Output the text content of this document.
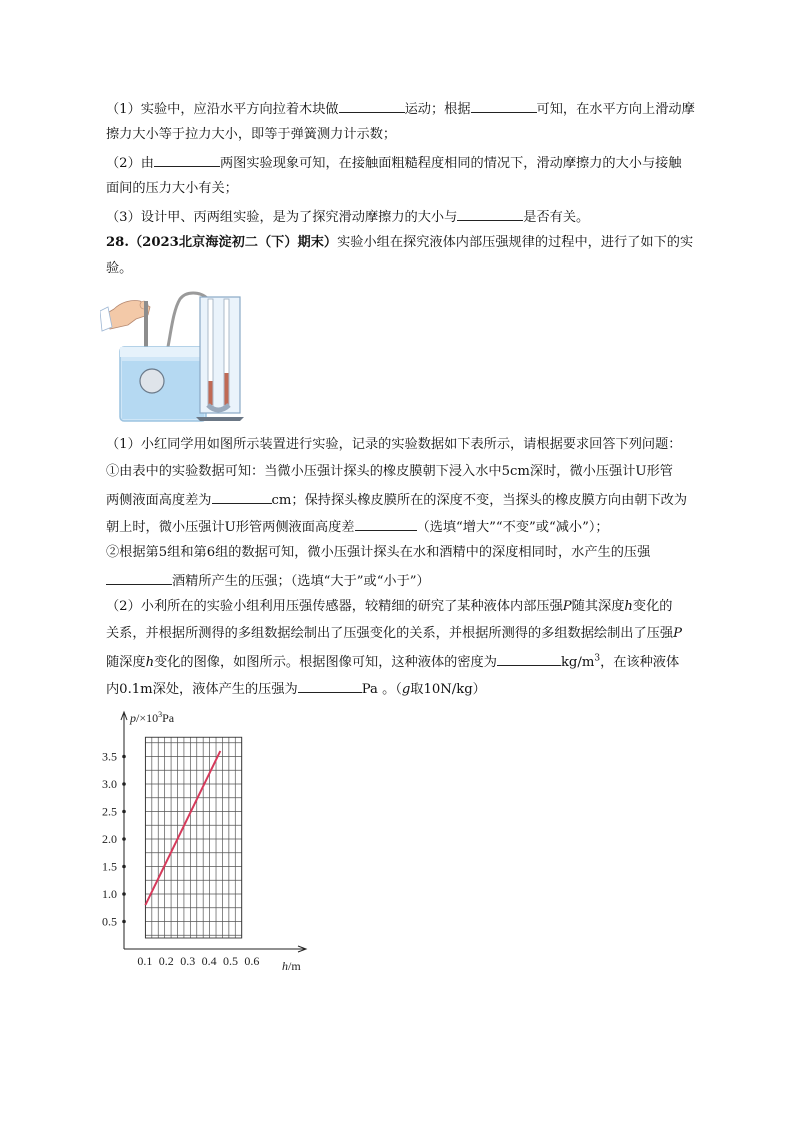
（1）实验中，应沿水平方向拉着木块做	运动；根据	可知，在水平方向上滑动摩
擦力大小等于拉力大小，即等于弹簧测力计示数；
（2）由	两图实验现象可知，在接触面粗糙程度相同的情况下，滑动摩擦力的大小与接触
面间的压力大小有关；
（3）设计甲、丙两组实验，是为了探究滑动摩擦力的大小与	是否有关。
28.（2023北京海淀初二（下）期末）实验小组在探究液体内部压强规律的过程中，进行了如下的实
验。
（1）小红同学用如图所示装置进行实验，记录的实验数据如下表所示，请根据要求回答下列问题：
①由表中的实验数据可知：当微小压强计探头的橡皮膜朝下浸入水中5cm深时，微小压强计U形管
两侧液面高度差为	cm；保持探头橡皮膜所在的深度不变，当探头的橡皮膜方向由朝下改为
朝上时，微小压强计U形管两侧液面高度差	（选填“增大”“不变”或“减小”）；
②根据第5组和第6组的数据可知，微小压强计探头在水和酒精中的深度相同时，水产生的压强
酒精所产生的压强；（选填“大于”或“小于”）
（2）小利所在的实验小组利用压强传感器，较精细的研究了某种液体内部压强P随其深度h变化的
关系，并根据所测得的多组数据绘制出了压强变化的关系，并根据所测得的多组数据绘制出了压强P
随深度h变化的图像，如图所示。根据图像可知，这种液体的密度为	$kg/m^3$，在该种液体
内0.1m深处，液体产生的压强为	Pa 。（g取10N/kg）
0.5
1.0
1.5
2.0
2.5
3.0
3.5
0.1 0.2 0.3 0.4 0.5 0.6
$p/\times 10^3Pa$
h/m
